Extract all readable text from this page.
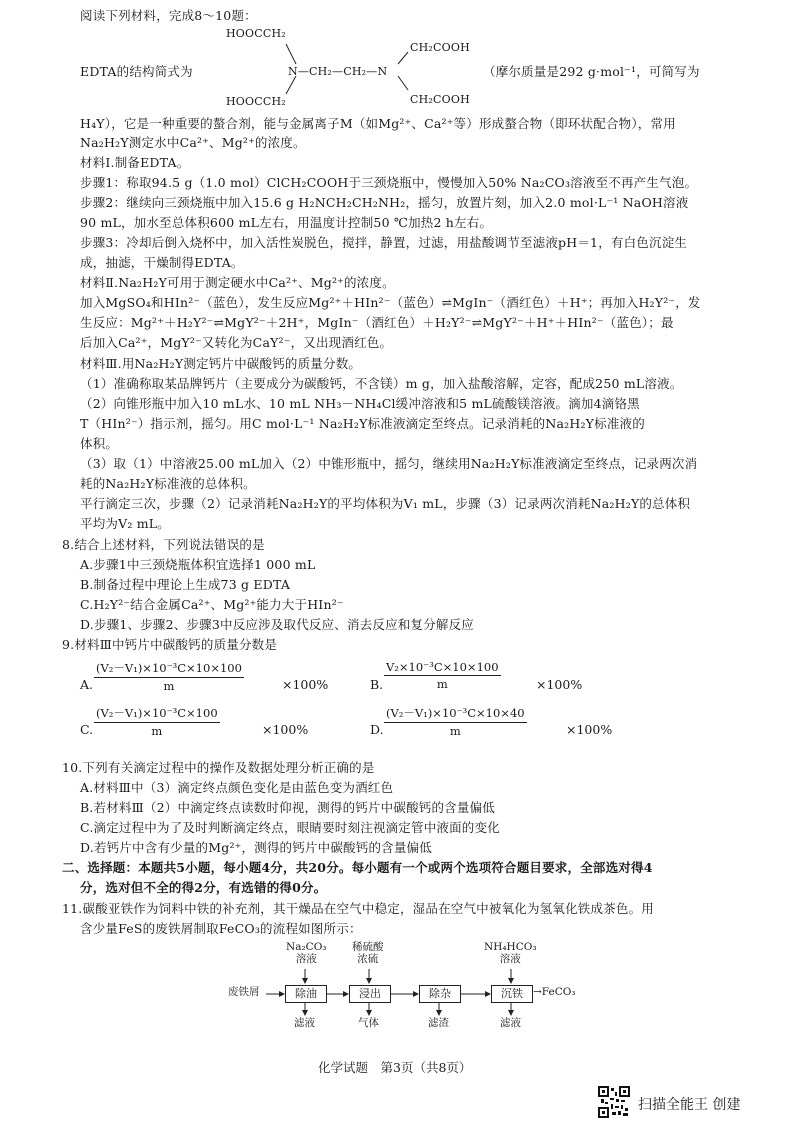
阅读下列材料，完成8～10题：
HOOCCH₂
HOOCCH₂
CH₂COOH
CH₂COOH
EDTA的结构简式为	N—CH₂—CH₂—N	（摩尔质量是292 g·mol⁻¹，可简写为
H₄Y），它是一种重要的螯合剂，能与金属离子M（如Mg²⁺、Ca²⁺等）形成螯合物（即环状配合物），常用
Na₂H₂Y测定水中Ca²⁺、Mg²⁺的浓度。
材料Ⅰ.制备EDTA。
步骤1：称取94.5 g（1.0 mol）ClCH₂COOH于三颈烧瓶中，慢慢加入50% Na₂CO₃溶液至不再产生气泡。
步骤2：继续向三颈烧瓶中加入15.6 g H₂NCH₂CH₂NH₂，摇匀，放置片刻，加入2.0 mol·L⁻¹ NaOH溶液
90 mL，加水至总体积600 mL左右，用温度计控制50 ℃加热2 h左右。
步骤3：冷却后倒入烧杯中，加入活性炭脱色，搅拌，静置，过滤，用盐酸调节至滤液pH＝1，有白色沉淀生
成，抽滤，干燥制得EDTA。
材料Ⅱ.Na₂H₂Y可用于测定硬水中Ca²⁺、Mg²⁺的浓度。
加入MgSO₄和HIn²⁻（蓝色），发生反应Mg²⁺＋HIn²⁻（蓝色）⇌MgIn⁻（酒红色）＋H⁺；再加入H₂Y²⁻，发
生反应：Mg²⁺＋H₂Y²⁻⇌MgY²⁻＋2H⁺，MgIn⁻（酒红色）＋H₂Y²⁻⇌MgY²⁻＋H⁺＋HIn²⁻（蓝色）；最
后加入Ca²⁺，MgY²⁻又转化为CaY²⁻，又出现酒红色。
材料Ⅲ.用Na₂H₂Y测定钙片中碳酸钙的质量分数。
（1）准确称取某品牌钙片（主要成分为碳酸钙，不含镁）m g，加入盐酸溶解，定容，配成250 mL溶液。
（2）向锥形瓶中加入10 mL水、10 mL NH₃－NH₄Cl缓冲溶液和5 mL硫酸镁溶液。滴加4滴铬黑
T（HIn²⁻）指示剂，摇匀。用C mol·L⁻¹ Na₂H₂Y标准液滴定至终点。记录消耗的Na₂H₂Y标准液的
体积。
（3）取（1）中溶液25.00 mL加入（2）中锥形瓶中，摇匀，继续用Na₂H₂Y标准液滴定至终点，记录两次消
耗的Na₂H₂Y标准液的总体积。
平行滴定三次，步骤（2）记录消耗Na₂H₂Y的平均体积为V₁ mL，步骤（3）记录两次消耗Na₂H₂Y的总体积
平均为V₂ mL。
8.结合上述材料，下列说法错误的是
A.步骤1中三颈烧瓶体积宜选择1 000 mL
B.制备过程中理论上生成73 g EDTA
C.H₂Y²⁻结合金属Ca²⁺、Mg²⁺能力大于HIn²⁻
D.步骤1、步骤2、步骤3中反应涉及取代反应、消去反应和复分解反应
9.材料Ⅲ中钙片中碳酸钙的质量分数是
A. $\frac{\text{(V₂－V₁)×10⁻³C×10×100}}{m}$	×100%	B. $\frac{\text{V₂×10⁻³C×10×100}}{m}$	×100%
C. $\frac{\text{(V₂－V₁)×10⁻³C×100}}{m}$	×100%	D. $\frac{\text{(V₂－V₁)×10⁻³C×10×40}}{m}$	×100%
10.下列有关滴定过程中的操作及数据处理分析正确的是
A.材料Ⅲ中（3）滴定终点颜色变化是由蓝色变为酒红色
B.若材料Ⅲ（2）中滴定终点读数时仰视，测得的钙片中碳酸钙的含量偏低
C.滴定过程中为了及时判断滴定终点，眼睛要时刻注视滴定管中液面的变化
D.若钙片中含有少量的Mg²⁺，测得的钙片中碳酸钙的含量偏低
二、选择题：本题共5小题，每小题4分，共20分。每小题有一个或两个选项符合题目要求，全部选对得4
分，选对但不全的得2分，有选错的得0分。
11.碳酸亚铁作为饲料中铁的补充剂，其干燥品在空气中稳定，湿品在空气中被氧化为氢氧化铁成茶色。用
含少量FeS的废铁屑制取FeCO₃的流程如图所示：
废铁屑	除油	浸出	除杂	沉铁 →FeCO₃
Na₂CO₃
溶液
稀硫酸
浓硫
NH₄HCO₃
溶液
滤液	气体	滤渣	滤液
化学试题　第3页（共8页）
扫描全能王 创建
